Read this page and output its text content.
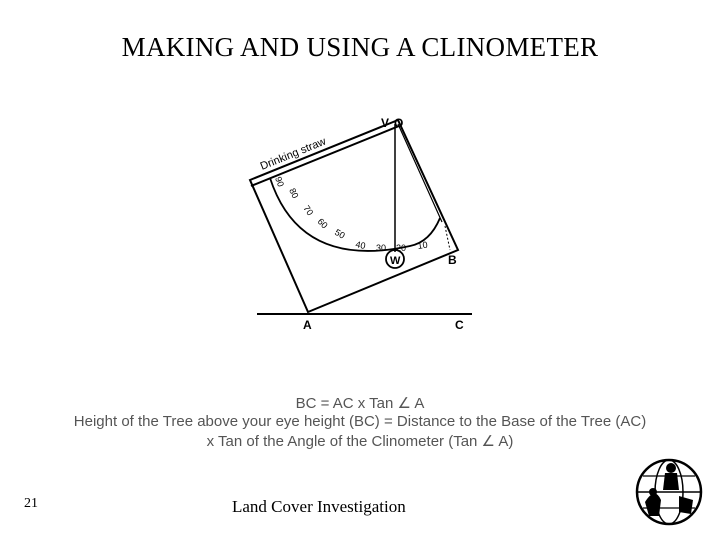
MAKING AND USING A CLINOMETER
Drinking straw
V O
W	B
A	C
90
80
70
60
50
40 30 20 10
BC = AC x Tan ∠ A
Height of the Tree above your eye height (BC) = Distance to the Base of the Tree (AC)
x Tan of the Angle of the Clinometer (Tan ∠ A)
21	Land Cover Investigation
